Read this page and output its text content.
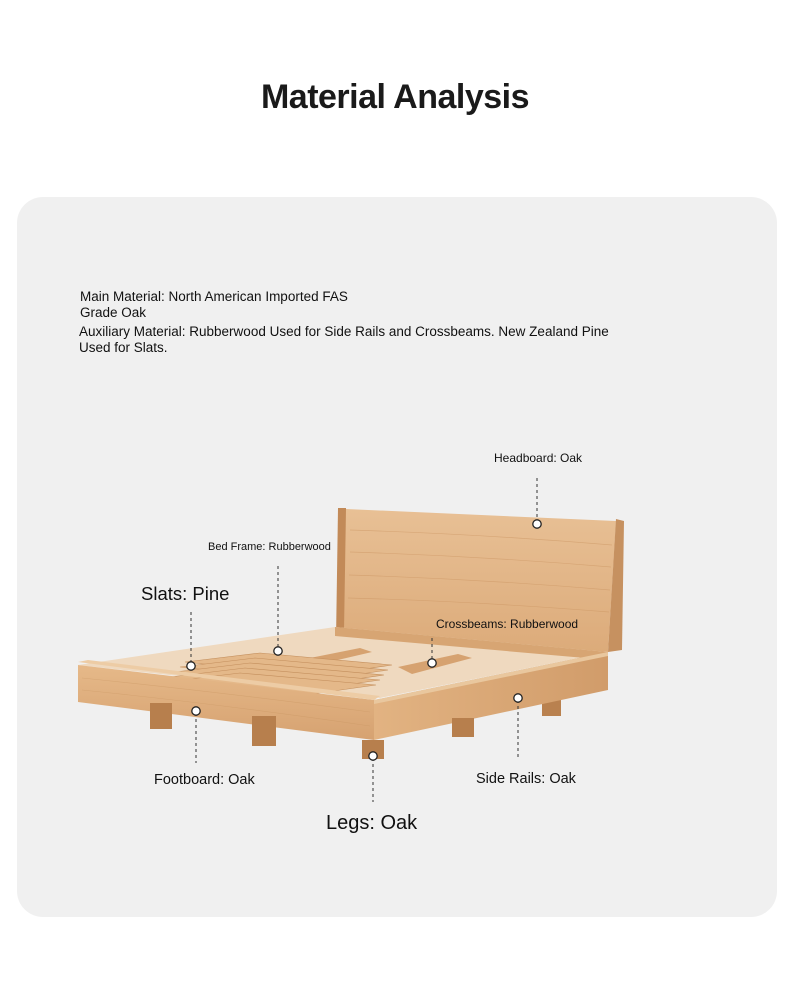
Material Analysis

Main Material: North American Imported FAS Grade Oak

Auxiliary Material: Rubberwood Used for Side Rails and Crossbeams. New Zealand Pine Used for Slats.

Headboard: Oak
Bed Frame: Rubberwood
Slats: Pine
Crossbeams: Rubberwood
Footboard: Oak	Side Rails: Oak
Legs: Oak
